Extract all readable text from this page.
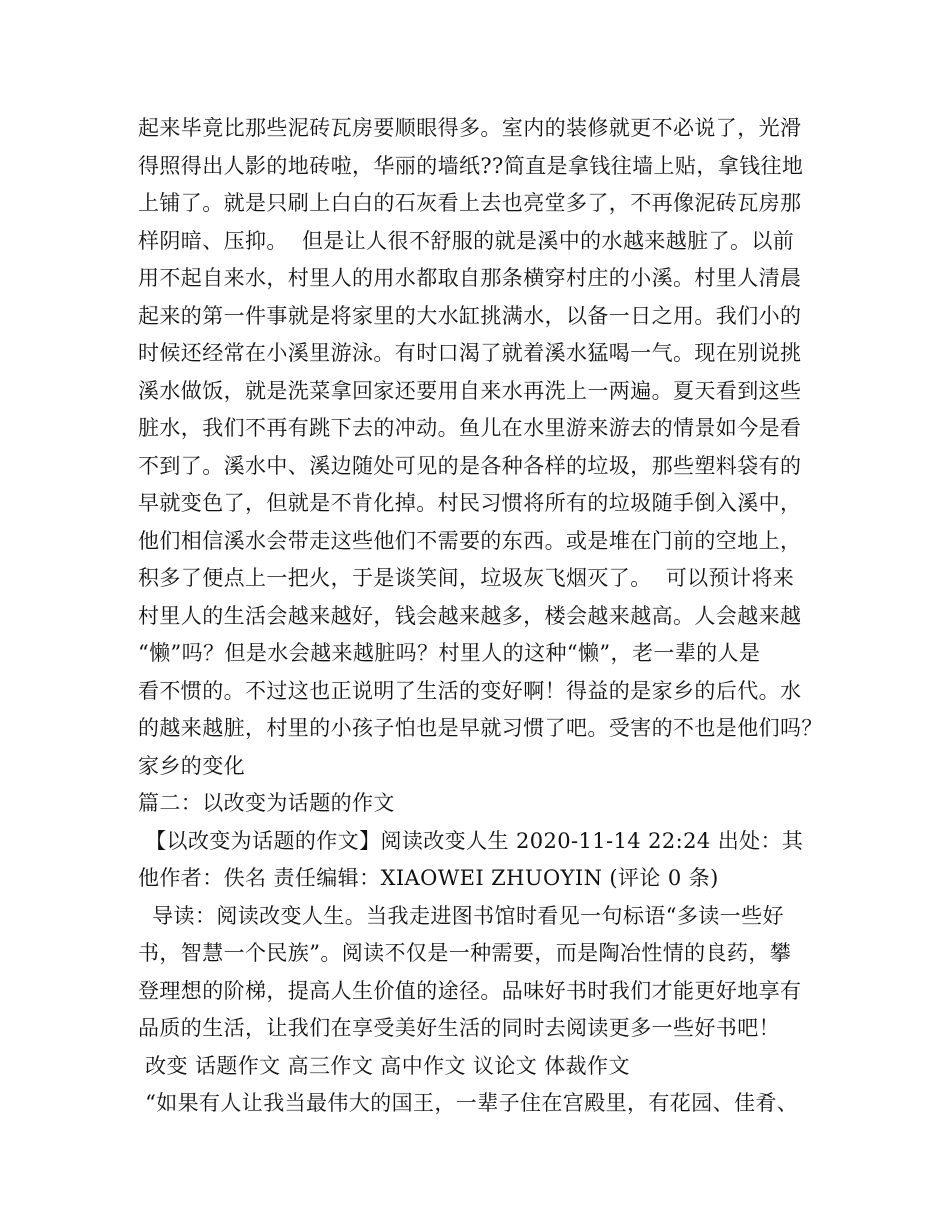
起来毕竟比那些泥砖瓦房要顺眼得多。室内的装修就更不必说了，光滑

得照得出人影的地砖啦，华丽的墙纸??简直是拿钱往墙上贴，拿钱往地

上铺了。就是只刷上白白的石灰看上去也亮堂多了，不再像泥砖瓦房那

样阴暗、压抑。  但是让人很不舒服的就是溪中的水越来越脏了。以前

用不起自来水，村里人的用水都取自那条横穿村庄的小溪。村里人清晨

起来的第一件事就是将家里的大水缸挑满水，以备一日之用。我们小的

时候还经常在小溪里游泳。有时口渴了就着溪水猛喝一气。现在别说挑

溪水做饭，就是洗菜拿回家还要用自来水再洗上一两遍。夏天看到这些

脏水，我们不再有跳下去的冲动。鱼儿在水里游来游去的情景如今是看

不到了。溪水中、溪边随处可见的是各种各样的垃圾，那些塑料袋有的

早就变色了，但就是不肯化掉。村民习惯将所有的垃圾随手倒入溪中，

他们相信溪水会带走这些他们不需要的东西。或是堆在门前的空地上，

积多了便点上一把火，于是谈笑间，垃圾灰飞烟灭了。  可以预计将来

村里人的生活会越来越好，钱会越来越多，楼会越来越高。人会越来越

“懒”吗？但是水会越来越脏吗？村里人的这种“懒”，老一辈的人是

看不惯的。不过这也正说明了生活的变好啊！得益的是家乡的后代。水

的越来越脏，村里的小孩子怕也是早就习惯了吧。受害的不也是他们吗？

家乡的变化

篇二：以改变为话题的作文

【以改变为话题的作文】阅读改变人生 2020-11-14 22:24 出处：其

他作者：佚名 责任编辑：XIAOWEI ZHUOYIN (评论 0 条)

导读：阅读改变人生。当我走进图书馆时看见一句标语“多读一些好

书，智慧一个民族”。阅读不仅是一种需要，而是陶冶性情的良药，攀

登理想的阶梯，提高人生价值的途径。品味好书时我们才能更好地享有

品质的生活，让我们在享受美好生活的同时去阅读更多一些好书吧！

改变 话题作文 高三作文 高中作文 议论文 体裁作文

“如果有人让我当最伟大的国王，一辈子住在宫殿里，有花园、佳肴、
